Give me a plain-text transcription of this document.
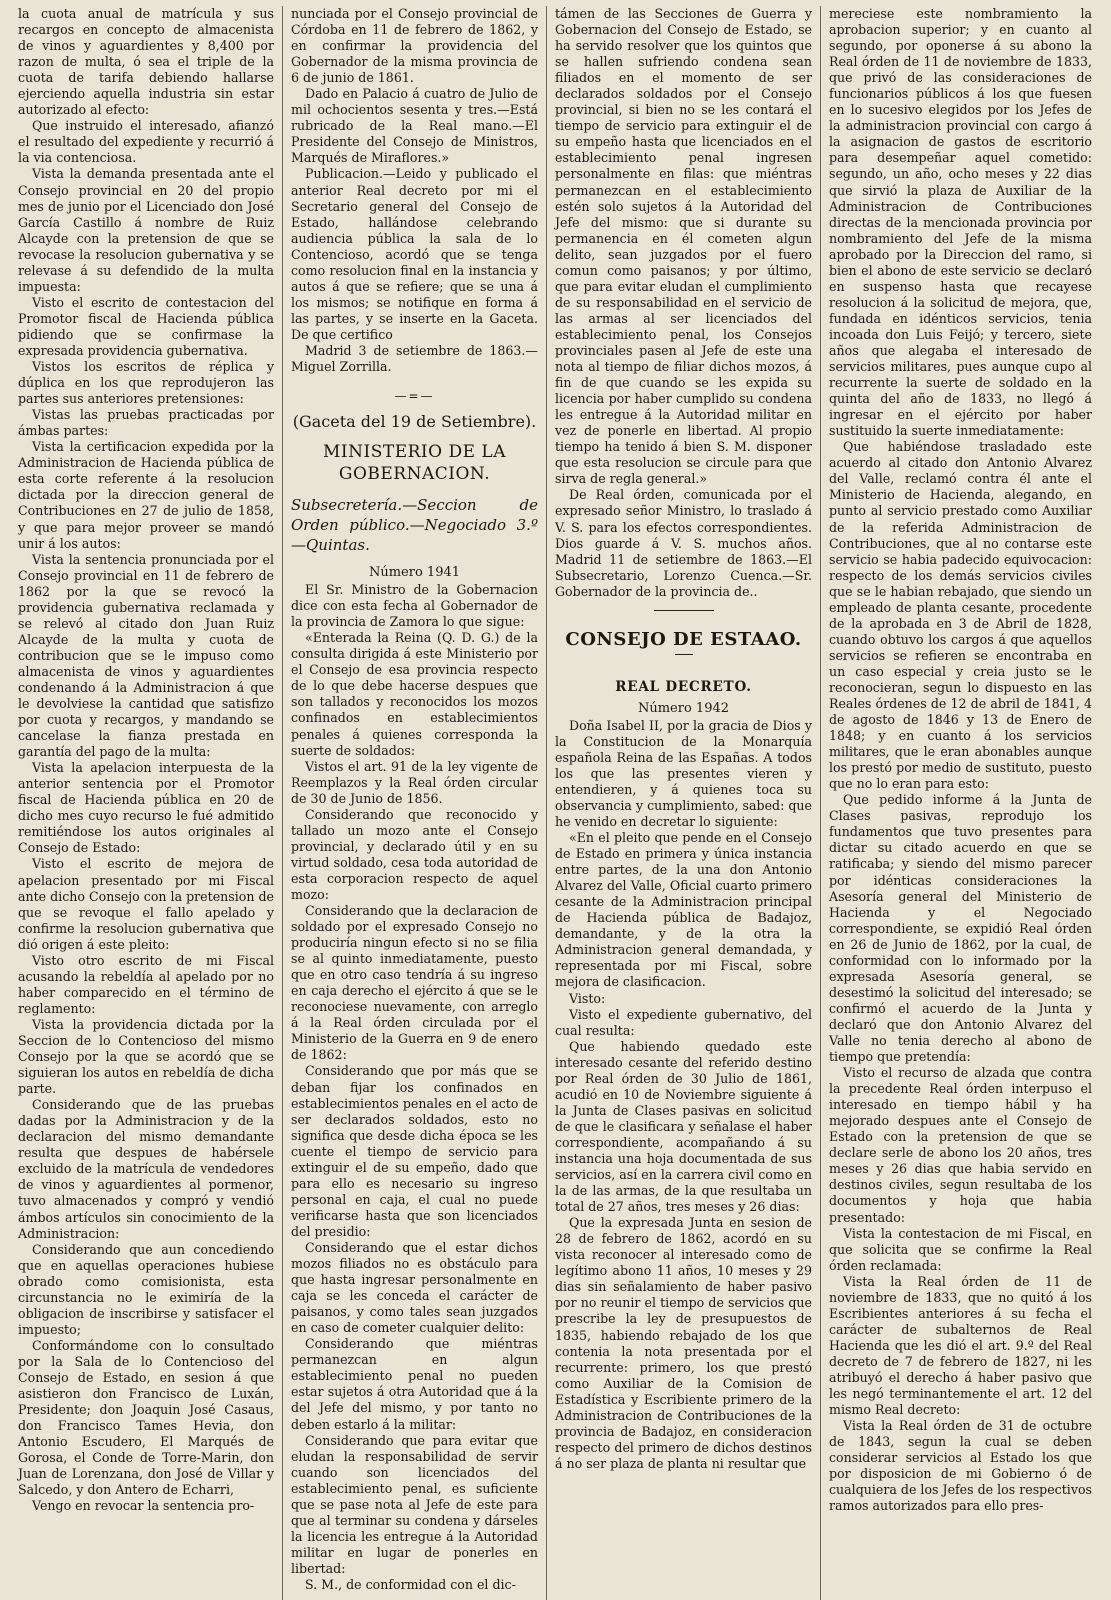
la cuota anual de matrícula y sus recargos en concepto de almacenista de vinos y aguardientes y 8,400 por razon de multa, ó sea el triple de la cuota de tarifa debiendo hallarse ejerciendo aquella industria sin estar autorizado al efecto:

Que instruido el interesado, afianzó el resultado del expediente y recurrió á la via contenciosa.

Vista la demanda presentada ante el Consejo provincial en 20 del propio mes de junio por el Licenciado don José García Castillo á nombre de Ruiz Alcayde con la pretension de que se revocase la resolucion gubernativa y se relevase á su defendido de la multa impuesta:

Visto el escrito de contestacion del Promotor fiscal de Hacienda pública pidiendo que se confirmase la expresada providencia gubernativa.

Vistos los escritos de réplica y dúplica en los que reprodujeron las partes sus anteriores pretensiones:

Vistas las pruebas practicadas por ámbas partes:

Vista la certificacion expedida por la Administracion de Hacienda pública de esta corte referente á la resolucion dictada por la direccion general de Contribuciones en 27 de julio de 1858, y que para mejor proveer se mandó unir á los autos:

Vista la sentencia pronunciada por el Consejo provincial en 11 de febrero de 1862 por la que se revocó la providencia gubernativa reclamada y se relevó al citado don Juan Ruiz Alcayde de la multa y cuota de contribucion que se le impuso como almacenista de vinos y aguardientes condenando á la Administracion á que le devolviese la cantidad que satisfizo por cuota y recargos, y mandando se cancelase la fianza prestada en garantía del pago de la multa:

Vista la apelacion interpuesta de la anterior sentencia por el Promotor fiscal de Hacienda pública en 20 de dicho mes cuyo recurso le fué admitido remitiéndose los autos originales al Consejo de Estado:

Visto el escrito de mejora de apelacion presentado por mi Fiscal ante dicho Consejo con la pretension de que se revoque el fallo apelado y confirme la resolucion gubernativa que dió origen á este pleito:

Visto otro escrito de mi Fiscal acusando la rebeldía al apelado por no haber comparecido en el término de reglamento:

Vista la providencia dictada por la Seccion de lo Contencioso del mismo Consejo por la que se acordó que se siguieran los autos en rebeldía de dicha parte.

Considerando que de las pruebas dadas por la Administracion y de la declaracion del mismo demandante resulta que despues de habérsele excluido de la matrícula de vendedores de vinos y aguardientes al pormenor, tuvo almacenados y compró y vendió ámbos artículos sin conocimiento de la Administracion:

Considerando que aun concediendo que en aquellas operaciones hubiese obrado como comisionista, esta circunstancia no le eximiría de la obligacion de inscribirse y satisfacer el impuesto;

Conformándome con lo consultado por la Sala de lo Contencioso del Consejo de Estado, en sesion á que asistieron don Francisco de Luxán, Presidente; don Joaquin José Casaus, don Francisco Tames Hevia, don Antonio Escudero, El Marqués de Gorosa, el Conde de Torre-Marin, don Juan de Lorenzana, don José de Villar y Salcedo, y don Antero de Echarri,

Vengo en revocar la sentencia pro-

nunciada por el Consejo provincial de Córdoba en 11 de febrero de 1862, y en confirmar la providencia del Gobernador de la misma provincia de 6 de junio de 1861.

Dado en Palacio á cuatro de Julio de mil ochocientos sesenta y tres.—Está rubricado de la Real mano.—El Presidente del Consejo de Ministros, Marqués de Miraflores.»

Publicacion.—Leido y publicado el anterior Real decreto por mi el Secretario general del Consejo de Estado, hallándose celebrando audiencia pública la sala de lo Contencioso, acordó que se tenga como resolucion final en la instancia y autos á que se refiere; que se una á los mismos; se notifique en forma á las partes, y se inserte en la Gaceta. De que certifico

Madrid 3 de setiembre de 1863.—Miguel Zorrilla.

—=—
(Gaceta del 19 de Setiembre).
MINISTERIO DE LA GOBERNACION.
Subsecretería.—Seccion de Orden público.—Negociado 3.º—Quintas.
Número 1941

El Sr. Ministro de la Gobernacion dice con esta fecha al Gobernador de la provincia de Zamora lo que sigue:

«Enterada la Reina (Q. D. G.) de la consulta dirigida á este Ministerio por el Consejo de esa provincia respecto de lo que debe hacerse despues que son tallados y reconocidos los mozos confinados en establecimientos penales á quienes corresponda la suerte de soldados:

Vistos el art. 91 de la ley vigente de Reemplazos y la Real órden circular de 30 de Junio de 1856.

Considerando que reconocido y tallado un mozo ante el Consejo provincial, y declarado útil y en su virtud soldado, cesa toda autoridad de esta corporacion respecto de aquel mozo:

Considerando que la declaracion de soldado por el expresado Consejo no produciría ningun efecto si no se filia se al quinto inmediatamente, puesto que en otro caso tendría á su ingreso en caja derecho el ejército á que se le reconociese nuevamente, con arreglo á la Real órden circulada por el Ministerio de la Guerra en 9 de enero de 1862:

Considerando que por más que se deban fijar los confinados en establecimientos penales en el acto de ser declarados soldados, esto no significa que desde dicha época se les cuente el tiempo de servicio para extinguir el de su empeño, dado que para ello es necesario su ingreso personal en caja, el cual no puede verificarse hasta que son licenciados del presidio:

Considerando que el estar dichos mozos filiados no es obstáculo para que hasta ingresar personalmente en caja se les conceda el carácter de paisanos, y como tales sean juzgados en caso de cometer cualquier delito:

Considerando que miéntras permanezcan en algun establecimiento penal no pueden estar sujetos á otra Autoridad que á la del Jefe del mismo, y por tanto no deben estarlo á la militar:

Considerando que para evitar que eludan la responsabilidad de servir cuando son licenciados del establecimiento penal, es suficiente que se pase nota al Jefe de este para que al terminar su condena y dárseles la licencia les entregue á la Autoridad militar en lugar de ponerles en libertad:

S. M., de conformidad con el dic-

támen de las Secciones de Guerra y Gobernacion del Consejo de Estado, se ha servido resolver que los quintos que se hallen sufriendo condena sean filiados en el momento de ser declarados soldados por el Consejo provincial, si bien no se les contará el tiempo de servicio para extinguir el de su empeño hasta que licenciados en el establecimiento penal ingresen personalmente en filas: que miéntras permanezcan en el establecimiento estén solo sujetos á la Autoridad del Jefe del mismo: que si durante su permanencia en él cometen algun delito, sean juzgados por el fuero comun como paisanos; y por último, que para evitar eludan el cumplimiento de su responsabilidad en el servicio de las armas al ser licenciados del establecimiento penal, los Consejos provinciales pasen al Jefe de este una nota al tiempo de filiar dichos mozos, á fin de que cuando se les expida su licencia por haber cumplido su condena les entregue á la Autoridad militar en vez de ponerle en libertad. Al propio tiempo ha tenido á bien S. M. disponer que esta resolucion se circule para que sirva de regla general.»

De Real órden, comunicada por el expresado señor Ministro, lo traslado á V. S. para los efectos correspondientes. Dios guarde á V. S. muchos años. Madrid 11 de setiembre de 1863.—El Subsecretario, Lorenzo Cuenca.—Sr. Gobernador de la provincia de..

CONSEJO DE ESTAAO.
REAL DECRETO.
Número 1942

Doña Isabel II, por la gracia de Dios y la Constitucion de la Monarquía española Reina de las Españas. A todos los que las presentes vieren y entendieren, y á quienes toca su observancia y cumplimiento, sabed: que he venido en decretar lo siguiente:

«En el pleito que pende en el Consejo de Estado en primera y única instancia entre partes, de la una don Antonio Alvarez del Valle, Oficial cuarto primero cesante de la Administracion principal de Hacienda pública de Badajoz, demandante, y de la otra la Administracion general demandada, y representada por mi Fiscal, sobre mejora de clasificacion.

Visto:

Visto el expediente gubernativo, del cual resulta:

Que habiendo quedado este interesado cesante del referido destino por Real órden de 30 Julio de 1861, acudió en 10 de Noviembre siguiente á la Junta de Clases pasivas en solicitud de que le clasificara y señalase el haber correspondiente, acompañando á su instancia una hoja documentada de sus servicios, así en la carrera civil como en la de las armas, de la que resultaba un total de 27 años, tres meses y 26 dias:

Que la expresada Junta en sesion de 28 de febrero de 1862, acordó en su vista reconocer al interesado como de legítimo abono 11 años, 10 meses y 29 dias sin señalamiento de haber pasivo por no reunir el tiempo de servicios que prescribe la ley de presupuestos de 1835, habiendo rebajado de los que contenia la nota presentada por el recurrente: primero, los que prestó como Auxiliar de la Comision de Estadística y Escribiente primero de la Administracion de Contribuciones de la provincia de Badajoz, en consideracion respecto del primero de dichos destinos á no ser plaza de planta ni resultar que

mereciese este nombramiento la aprobacion superior; y en cuanto al segundo, por oponerse á su abono la Real órden de 11 de noviembre de 1833, que privó de las consideraciones de funcionarios públicos á los que fuesen en lo sucesivo elegidos por los Jefes de la administracion provincial con cargo á la asignacion de gastos de escritorio para desempeñar aquel cometido: segundo, un año, ocho meses y 22 dias que sirvió la plaza de Auxiliar de la Administracion de Contribuciones directas de la mencionada provincia por nombramiento del Jefe de la misma aprobado por la Direccion del ramo, si bien el abono de este servicio se declaró en suspenso hasta que recayese resolucion á la solicitud de mejora, que, fundada en idénticos servicios, tenia incoada don Luis Feijó; y tercero, siete años que alegaba el interesado de servicios militares, pues aunque cupo al recurrente la suerte de soldado en la quinta del año de 1833, no llegó á ingresar en el ejército por haber sustituido la suerte inmediatamente:

Que habiéndose trasladado este acuerdo al citado don Antonio Alvarez del Valle, reclamó contra él ante el Ministerio de Hacienda, alegando, en punto al servicio prestado como Auxiliar de la referida Administracion de Contribuciones, que al no contarse este servicio se habia padecido equivocacion: respecto de los demás servicios civiles que se le habian rebajado, que siendo un empleado de planta cesante, procedente de la aprobada en 3 de Abril de 1828, cuando obtuvo los cargos á que aquellos servicios se refieren se encontraba en un caso especial y creia justo se le reconocieran, segun lo dispuesto en las Reales órdenes de 12 de abril de 1841, 4 de agosto de 1846 y 13 de Enero de 1848; y en cuanto á los servicios militares, que le eran abonables aunque los prestó por medio de sustituto, puesto que no lo eran para esto:

Que pedido informe á la Junta de Clases pasivas, reprodujo los fundamentos que tuvo presentes para dictar su citado acuerdo en que se ratificaba; y siendo del mismo parecer por idénticas consideraciones la Asesoría general del Ministerio de Hacienda y el Negociado correspondiente, se expidió Real órden en 26 de Junio de 1862, por la cual, de conformidad con lo informado por la expresada Asesoría general, se desestimó la solicitud del interesado; se confirmó el acuerdo de la Junta y declaró que don Antonio Alvarez del Valle no tenia derecho al abono de tiempo que pretendía:

Visto el recurso de alzada que contra la precedente Real órden interpuso el interesado en tiempo hábil y ha mejorado despues ante el Consejo de Estado con la pretension de que se declare serle de abono los 20 años, tres meses y 26 dias que habia servido en destinos civiles, segun resultaba de los documentos y hoja que habia presentado:

Vista la contestacion de mi Fiscal, en que solicita que se confirme la Real órden reclamada:

Vista la Real órden de 11 de noviembre de 1833, que no quitó á los Escribientes anteriores á su fecha el carácter de subalternos de Real Hacienda que les dió el art. 9.º del Real decreto de 7 de febrero de 1827, ni les atribuyó el derecho á haber pasivo que les negó terminantemente el art. 12 del mismo Real decreto:

Vista la Real órden de 31 de octubre de 1843, segun la cual se deben considerar servicios al Estado los que por disposicion de mi Gobierno ó de cualquiera de los Jefes de los respectivos ramos autorizados para ello pres-
